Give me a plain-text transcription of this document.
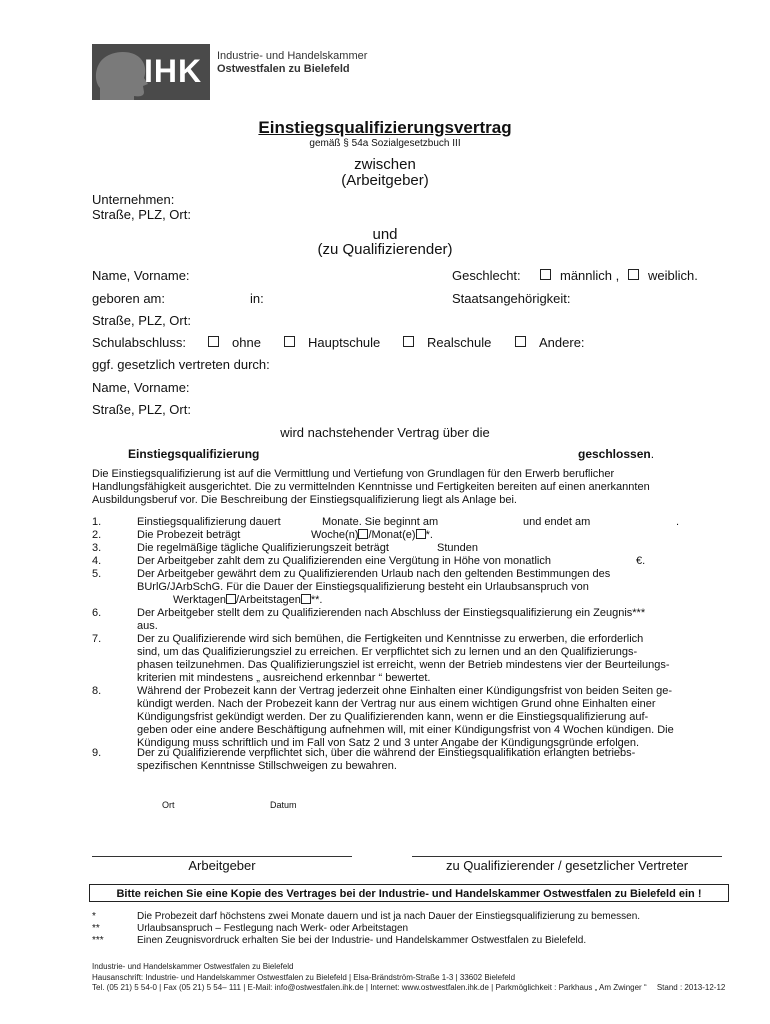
IHK Industrie- und Handelskammer
Ostwestfalen zu Bielefeld
Einstiegsqualifizierungsvertrag
gemäß § 54a Sozialgesetzbuch III
zwischen
(Arbeitgeber)
Unternehmen:
Straße, PLZ, Ort:
und
(zu Qualifizierender)
Name, Vorname:	Geschlecht:	männlich , weiblich.
geboren am:	in:	Staatsangehörigkeit:
Straße, PLZ, Ort:
Schulabschluss:	ohne	Hauptschule	Realschule	Andere:
ggf. gesetzlich vertreten durch:
Name, Vorname:
Straße, PLZ, Ort:
wird nachstehender Vertrag über die
Einstiegsqualifizierung	geschlossen.
Die Einstiegsqualifizierung ist auf die Vermittlung und Vertiefung von Grundlagen für den Erwerb beruflicher
Handlungsfähigkeit ausgerichtet. Die zu vermittelnden Kenntnisse und Fertigkeiten bereiten auf einen anerkannten
Ausbildungsberuf vor. Die Beschreibung der Einstiegsqualifizierung liegt als Anlage bei.
1.	Einstiegsqualifizierung dauert	Monate. Sie beginnt am	und endet am	.
2.	Die Probezeit beträgt	Woche(n) /Monat(e) *.
3.	Die regelmäßige tägliche Qualifizierungszeit beträgt	Stunden
4.	Der Arbeitgeber zahlt dem zu Qualifizierenden eine Vergütung in Höhe von monatlich	€.
5.	Der Arbeitgeber gewährt dem zu Qualifizierenden Urlaub nach den geltenden Bestimmungen des
BUrlG/JArbSchG. Für die Dauer der Einstiegsqualifizierung besteht ein Urlaubsanspruch von
Werktagen /Arbeitstagen **.
6.	Der Arbeitgeber stellt dem zu Qualifizierenden nach Abschluss der Einstiegsqualifizierung ein Zeugnis***
aus.
7.	Der zu Qualifizierende wird sich bemühen, die Fertigkeiten und Kenntnisse zu erwerben, die erforderlich
sind, um das Qualifizierungsziel zu erreichen. Er verpflichtet sich zu lernen und an den Qualifizierungs-
phasen teilzunehmen. Das Qualifizierungsziel ist erreicht, wenn der Betrieb mindestens vier der Beurteilungs-
kriterien mit mindestens „ ausreichend erkennbar “ bewertet.
8.	Während der Probezeit kann der Vertrag jederzeit ohne Einhalten einer Kündigungsfrist von beiden Seiten ge-
kündigt werden. Nach der Probezeit kann der Vertrag nur aus einem wichtigen Grund ohne Einhalten einer
Kündigungsfrist gekündigt werden. Der zu Qualifizierenden kann, wenn er die Einstiegsqualifizierung auf-
geben oder eine andere Beschäftigung aufnehmen will, mit einer Kündigungsfrist von 4 Wochen kündigen. Die
Kündigung muss schriftlich und im Fall von Satz 2 und 3 unter Angabe der Kündigungsgründe erfolgen.
9.	Der zu Qualifizierende verpflichtet sich, über die während der Einstiegsqualifikation erlangten betriebs-
spezifischen Kenntnisse Stillschweigen zu bewahren.
Ort	Datum
Arbeitgeber	zu Qualifizierender / gesetzlicher Vertreter
Bitte reichen Sie eine Kopie des Vertrages bei der Industrie- und Handelskammer Ostwestfalen zu Bielefeld ein !
*	Die Probezeit darf höchstens zwei Monate dauern und ist ja nach Dauer der Einstiegsqualifizierung zu bemessen.
**	Urlaubsanspruch – Festlegung nach Werk- oder Arbeitstagen
***	Einen Zeugnisvordruck erhalten Sie bei der Industrie- und Handelskammer Ostwestfalen zu Bielefeld.
Industrie- und Handelskammer Ostwestfalen zu Bielefeld
Hausanschrift: Industrie- und Handelskammer Ostwestfalen zu Bielefeld | Elsa-Brändström-Straße 1-3 | 33602 Bielefeld
Tel. (05 21) 5 54-0 | Fax (05 21) 5 54– 111 | E-Mail: info@ostwestfalen.ihk.de | Internet: www.ostwestfalen.ihk.de | Parkmöglichkeit : Parkhaus „ Am Zwinger “ Stand : 2013-12-12
